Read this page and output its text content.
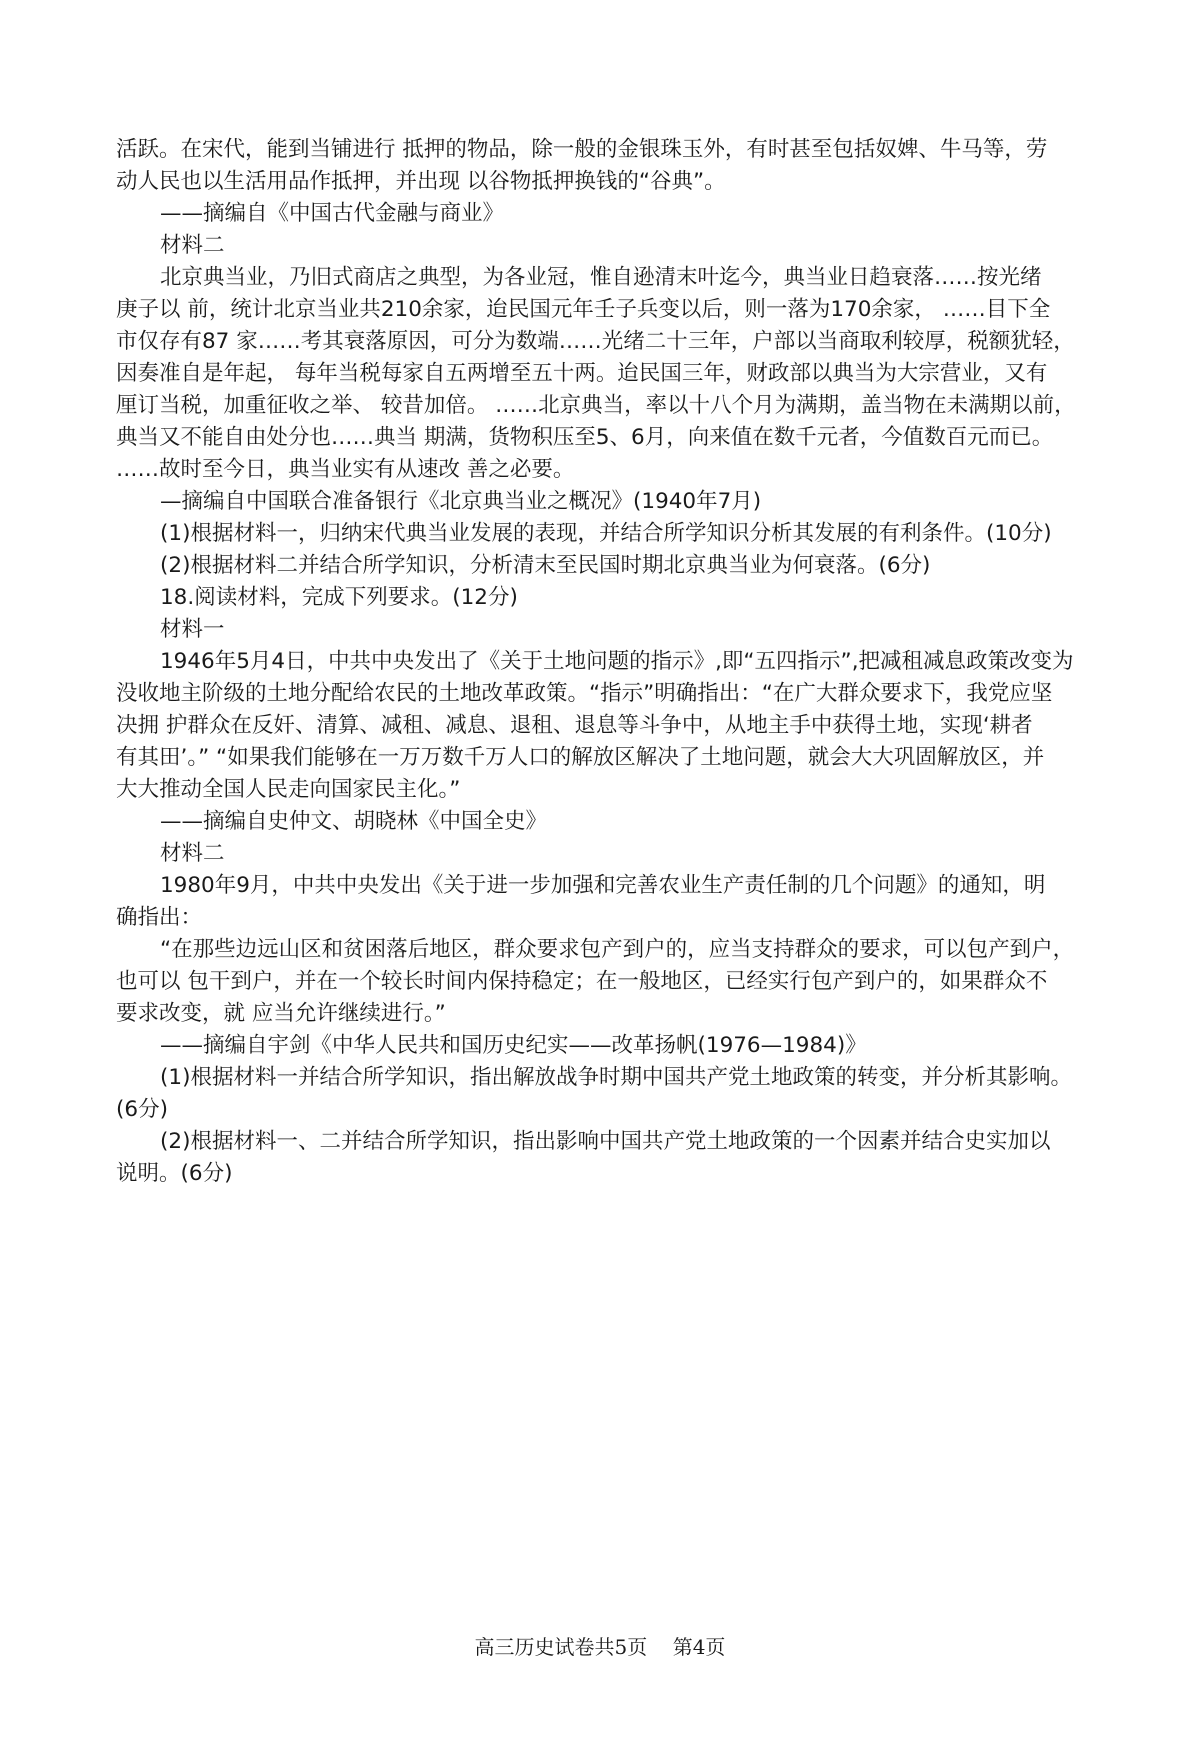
活跃。在宋代，能到当铺进行 抵押的物品，除一般的金银珠玉外，有时甚至包括奴婢、牛马等，劳

动人民也以生活用品作抵押，并出现 以谷物抵押换钱的“谷典”。

——摘编自《中国古代金融与商业》

材料二

北京典当业，乃旧式商店之典型，为各业冠，惟自逊清末叶迄今，典当业日趋衰落……按光绪

庚子以 前，统计北京当业共210余家，迨民国元年壬子兵变以后，则一落为170余家， ……目下全

市仅存有87 家……考其衰落原因，可分为数端……光绪二十三年，户部以当商取利较厚，税额犹轻，

因奏准自是年起， 每年当税每家自五两增至五十两。迨民国三年，财政部以典当为大宗营业，又有

厘订当税，加重征收之举、 较昔加倍。 ……北京典当，率以十八个月为满期，盖当物在未满期以前，

典当又不能自由处分也……典当 期满，货物积压至5、6月，向来值在数千元者，今值数百元而已。

……故时至今日，典当业实有从速改 善之必要。

—摘编自中国联合准备银行《北京典当业之概况》(1940年7月)

(1)根据材料一，归纳宋代典当业发展的表现，并结合所学知识分析其发展的有利条件。(10分)

(2)根据材料二并结合所学知识，分析清末至民国时期北京典当业为何衰落。(6分)

18.阅读材料，完成下列要求。(12分)

材料一

1946年5月4日，中共中央发出了《关于土地问题的指示》,即“五四指示”,把减租减息政策改变为

没收地主阶级的土地分配给农民的土地改革政策。“指示”明确指出：“在广大群众要求下，我党应坚

决拥 护群众在反奸、清算、减租、减息、退租、退息等斗争中，从地主手中获得土地，实现‘耕者

有其田’。” “如果我们能够在一万万数千万人口的解放区解决了土地问题，就会大大巩固解放区，并

大大推动全国人民走向国家民主化。”

——摘编自史仲文、胡晓林《中国全史》

材料二

1980年9月，中共中央发出《关于进一步加强和完善农业生产责任制的几个问题》的通知，明

确指出：

“在那些边远山区和贫困落后地区，群众要求包产到户的，应当支持群众的要求，可以包产到户，

也可以 包干到户，并在一个较长时间内保持稳定；在一般地区，已经实行包产到户的，如果群众不

要求改变，就 应当允许继续进行。”

——摘编自宇剑《中华人民共和国历史纪实——改革扬帆(1976—1984)》

(1)根据材料一并结合所学知识，指出解放战争时期中国共产党土地政策的转变，并分析其影响。

(6分)

(2)根据材料一、二并结合所学知识，指出影响中国共产党土地政策的一个因素并结合史实加以

说明。(6分)

高三历史试卷共5页    第4页
